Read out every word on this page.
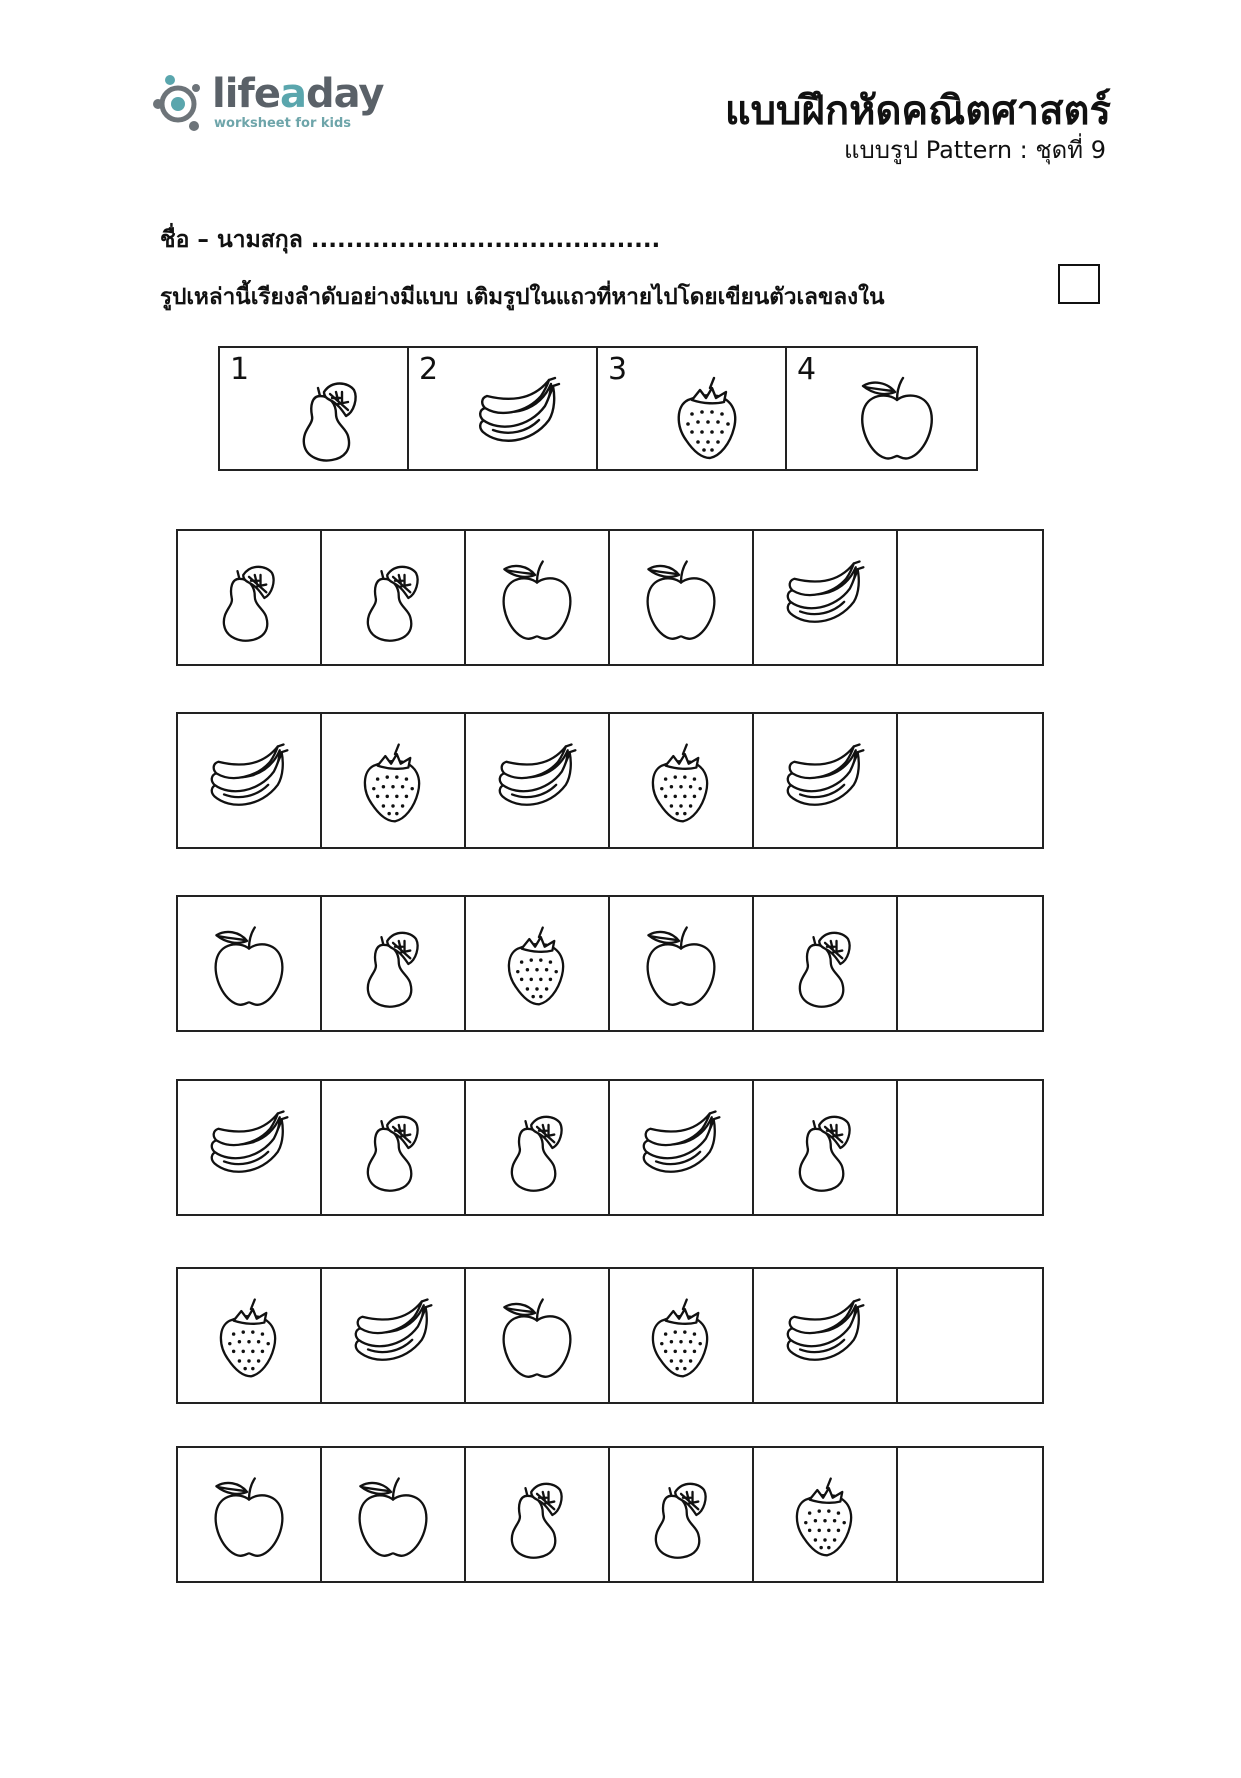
lifeaday
worksheet for kids	แบบฝึกหัดคณิตศาสตร์
แบบรูป Pattern : ชุดที่ 9
ชื่อ – นามสกุล ........................................
รูปเหล่านี้เรียงลำดับอย่างมีแบบ เติมรูปในแถวที่หายไปโดยเขียนตัวเลขลงใน
1	2	3	4
